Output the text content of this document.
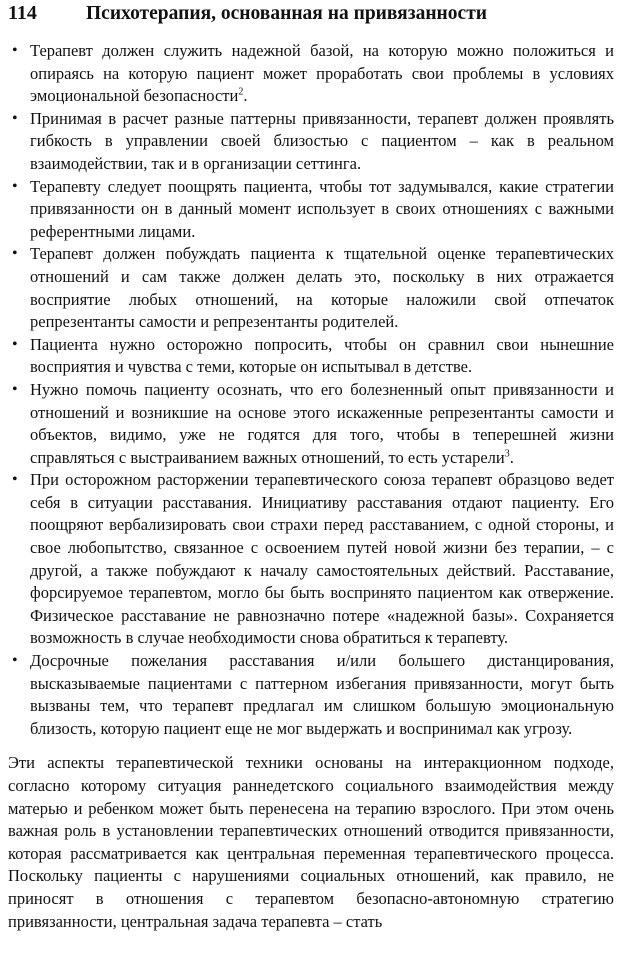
114	Психотерапия, основанная на привязанности
• Терапевт должен служить надежной базой, на которую можно положиться и опираясь на которую пациент может проработать свои проблемы в условиях эмоциональной безопасности$^2$.
• Принимая в расчет разные паттерны привязанности, терапевт должен проявлять гибкость в управлении своей близостью с пациентом – как в реальном взаимодействии, так и в организации сеттинга.
• Терапевту следует поощрять пациента, чтобы тот задумывался, какие стратегии привязанности он в данный момент использует в своих отношениях с важными референтными лицами.
• Терапевт должен побуждать пациента к тщательной оценке терапевтических отношений и сам также должен делать это, поскольку в них отражается восприятие любых отношений, на которые наложили свой отпечаток репрезентанты самости и репрезентанты родителей.
• Пациента нужно осторожно попросить, чтобы он сравнил свои нынешние восприятия и чувства с теми, которые он испытывал в детстве.
• Нужно помочь пациенту осознать, что его болезненный опыт привязанности и отношений и возникшие на основе этого искаженные репрезентанты самости и объектов, видимо, уже не годятся для того, чтобы в теперешней жизни справляться с выстраиванием важных отношений, то есть устарели$^3$.
• При осторожном расторжении терапевтического союза терапевт образцово ведет себя в ситуации расставания. Инициативу расставания отдают пациенту. Его поощряют вербализировать свои страхи перед расставанием, с одной стороны, и свое любопытство, связанное с освоением путей новой жизни без терапии, – с другой, а также побуждают к началу самостоятельных действий. Расставание, форсируемое терапевтом, могло бы быть воспринято пациентом как отвержение. Физическое расставание не равнозначно потере «надежной базы». Сохраняется возможность в случае необходимости снова обратиться к терапевту.
• Досрочные пожелания расставания и/или большего дистанцирования, высказываемые пациентами с паттерном избегания привязанности, могут быть вызваны тем, что терапевт предлагал им слишком большую эмоциональную близость, которую пациент еще не мог выдержать и воспринимал как угрозу.

Эти аспекты терапевтической техники основаны на интеракционном подходе, согласно которому ситуация раннедетского социального взаимодействия между матерью и ребенком может быть перенесена на терапию взрослого. При этом очень важная роль в установлении терапевтических отношений отводится привязанности, которая рассматривается как центральная переменная терапевтического процесса. Поскольку пациенты с нарушениями социальных отношений, как правило, не приносят в отношения с терапевтом безопасно-автономную стратегию привязанности, центральная задача терапевта – стать
